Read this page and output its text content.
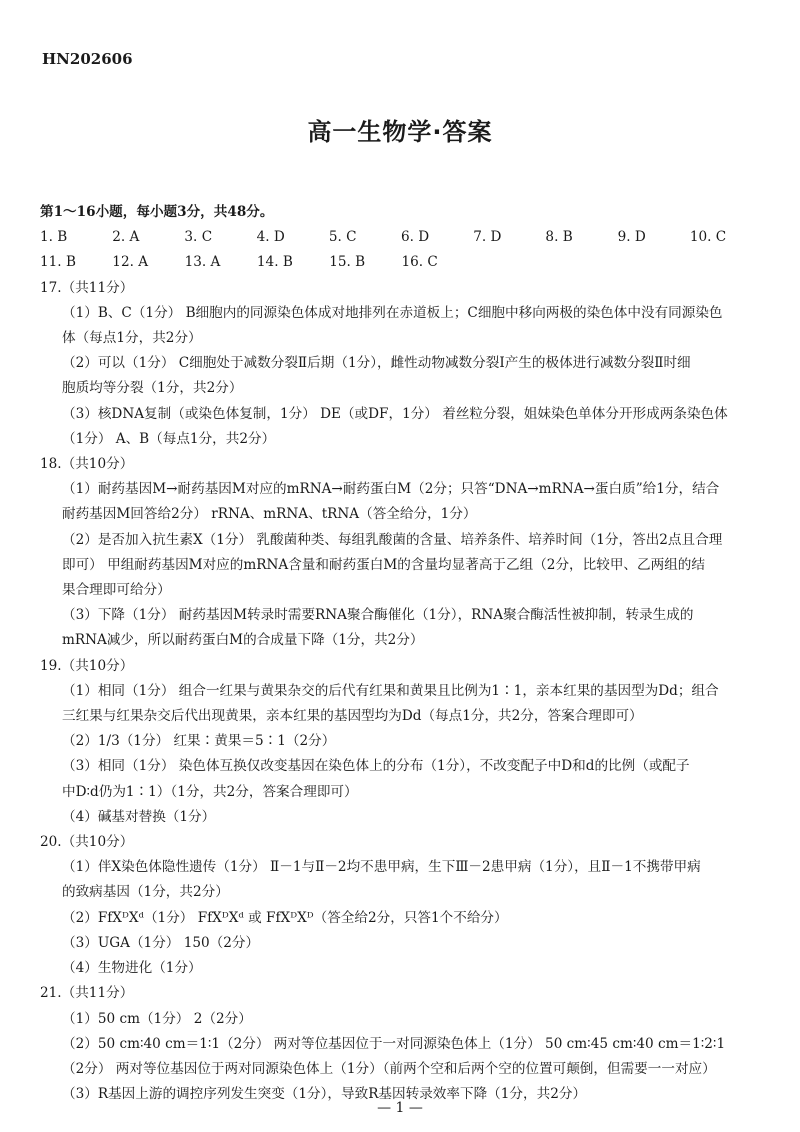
HN202606
高一生物学·答案
第1～16小题，每小题3分，共48分。
1. B	2. A	3. C	4. D	5. C	6. D	7. D	8. B	9. D	10. C
11. B	12. A	13. A	14. B	15. B	16. C
17.（共11分）
（1）B、C（1分） B细胞内的同源染色体成对地排列在赤道板上；C细胞中移向两极的染色体中没有同源染色
体（每点1分，共2分）
（2）可以（1分） C细胞处于减数分裂Ⅱ后期（1分），雌性动物减数分裂Ⅰ产生的极体进行减数分裂Ⅱ时细
胞质均等分裂（1分，共2分）
（3）核DNA复制（或染色体复制，1分） DE（或DF，1分） 着丝粒分裂，姐妹染色单体分开形成两条染色体
（1分） A、B（每点1分，共2分）
18.（共10分）
（1）耐药基因M→耐药基因M对应的mRNA→耐药蛋白M（2分；只答“DNA→mRNA→蛋白质”给1分，结合
耐药基因M回答给2分） rRNA、mRNA、tRNA（答全给分，1分）
（2）是否加入抗生素X（1分） 乳酸菌种类、每组乳酸菌的含量、培养条件、培养时间（1分，答出2点且合理
即可） 甲组耐药基因M对应的mRNA含量和耐药蛋白M的含量均显著高于乙组（2分，比较甲、乙两组的结
果合理即可给分）
（3）下降（1分） 耐药基因M转录时需要RNA聚合酶催化（1分），RNA聚合酶活性被抑制，转录生成的
mRNA减少，所以耐药蛋白M的合成量下降（1分，共2分）
19.（共10分）
（1）相同（1分） 组合一红果与黄果杂交的后代有红果和黄果且比例为1∶1，亲本红果的基因型为Dd；组合
三红果与红果杂交后代出现黄果，亲本红果的基因型均为Dd（每点1分，共2分，答案合理即可）
（2）1/3（1分） 红果∶黄果＝5∶1（2分）
（3）相同（1分） 染色体互换仅改变基因在染色体上的分布（1分），不改变配子中D和d的比例（或配子
中D∶d仍为1∶1）（1分，共2分，答案合理即可）
（4）碱基对替换（1分）
20.（共10分）
（1）伴X染色体隐性遗传（1分） Ⅱ－1与Ⅱ－2均不患甲病，生下Ⅲ－2患甲病（1分），且Ⅱ－1不携带甲病
的致病基因（1分，共2分）
（2）FfXᴰXᵈ（1分） FfXᴰXᵈ 或 FfXᴰXᴰ（答全给2分，只答1个不给分）
（3）UGA（1分） 150（2分）
（4）生物进化（1分）
21.（共11分）
（1）50 cm（1分） 2（2分）
（2）50 cm∶40 cm＝1∶1（2分） 两对等位基因位于一对同源染色体上（1分） 50 cm∶45 cm∶40 cm＝1∶2∶1
（2分） 两对等位基因位于两对同源染色体上（1分）（前两个空和后两个空的位置可颠倒，但需要一一对应）
（3）R基因上游的调控序列发生突变（1分），导致R基因转录效率下降（1分，共2分）
— 1 —
